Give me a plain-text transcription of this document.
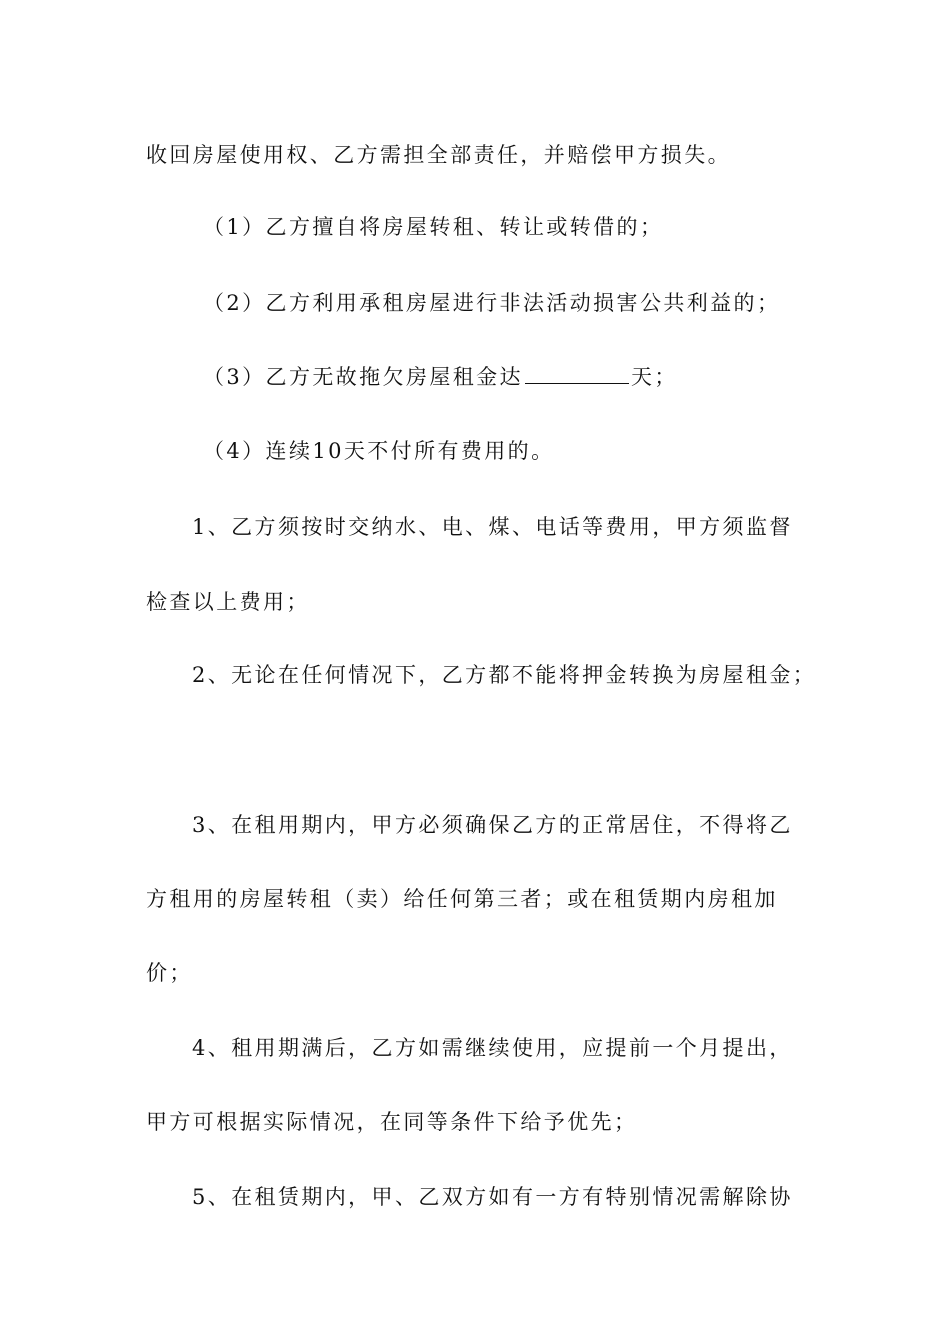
收回房屋使用权、乙方需担全部责任，并赔偿甲方损失。
（1）乙方擅自将房屋转租、转让或转借的；
（2）乙方利用承租房屋进行非法活动损害公共利益的；
（3）乙方无故拖欠房屋租金达	天；
（4）连续10天不付所有费用的。
1、乙方须按时交纳水、电、煤、电话等费用，甲方须监督
检查以上费用；
2、无论在任何情况下，乙方都不能将押金转换为房屋租金；
3、在租用期内，甲方必须确保乙方的正常居住，不得将乙
方租用的房屋转租（卖）给任何第三者；或在租赁期内房租加
价；
4、租用期满后，乙方如需继续使用，应提前一个月提出，
甲方可根据实际情况，在同等条件下给予优先；
5、在租赁期内，甲、乙双方如有一方有特别情况需解除协
